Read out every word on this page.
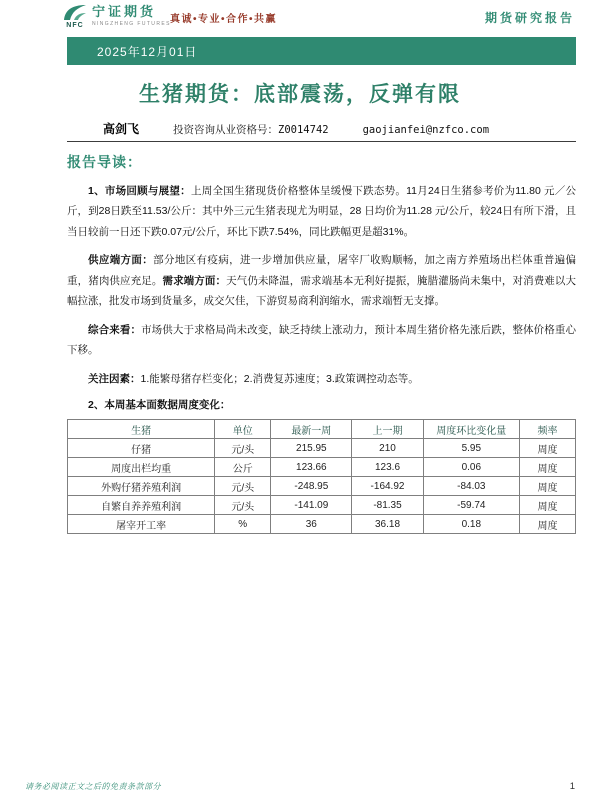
NFC
宁证期货
NINGZHENG FUTURES 真诚•专业•合作•共赢	期货研究报告
2025年12月01日
生猪期货：底部震荡，反弹有限
高剑飞	投资咨询从业资格号：Z0014742	gaojianfei@nzfco.com
报告导读：

1、市场回顾与展望：上周全国生猪现货价格整体呈缓慢下跌态势。11月24日生猪参考价为11.80 元／公斤，到28日跌至11.53/公斤：其中外三元生猪表现尤为明显，28 日均价为11.28 元/公斤，较24日有所下滑，且当日较前一日还下跌0.07元/公斤，环比下跌7.54%，同比跌幅更是超31%。

供应端方面：部分地区有疫病，进一步增加供应量，屠宰厂收购顺畅，加之南方养殖场出栏体重普遍偏重，猪肉供应充足。需求端方面：天气仍未降温，需求端基本无利好提振，腌腊灌肠尚未集中，对消费难以大幅拉涨，批发市场到货量多，成交欠佳，下游贸易商利润缩水，需求端暂无支撑。

综合来看：市场供大于求格局尚未改变，缺乏持续上涨动力，预计本周生猪价格先涨后跌，整体价格重心下移。

关注因素：1.能繁母猪存栏变化；2.消费复苏速度；3.政策调控动态等。

2、本周基本面数据周度变化：

生猪	单位	最新一周	上一期	周度环比变化量	频率
仔猪	元/头	215.95	210	5.95	周度
周度出栏均重	公斤	123.66	123.6	0.06	周度
外购仔猪养殖利润	元/头	-248.95	-164.92	-84.03	周度
自繁自养养殖利润	元/头	-141.09	-81.35	-59.74	周度
屠宰开工率	%	36	36.18	0.18	周度
请务必阅读正文之后的免责条款部分	1
